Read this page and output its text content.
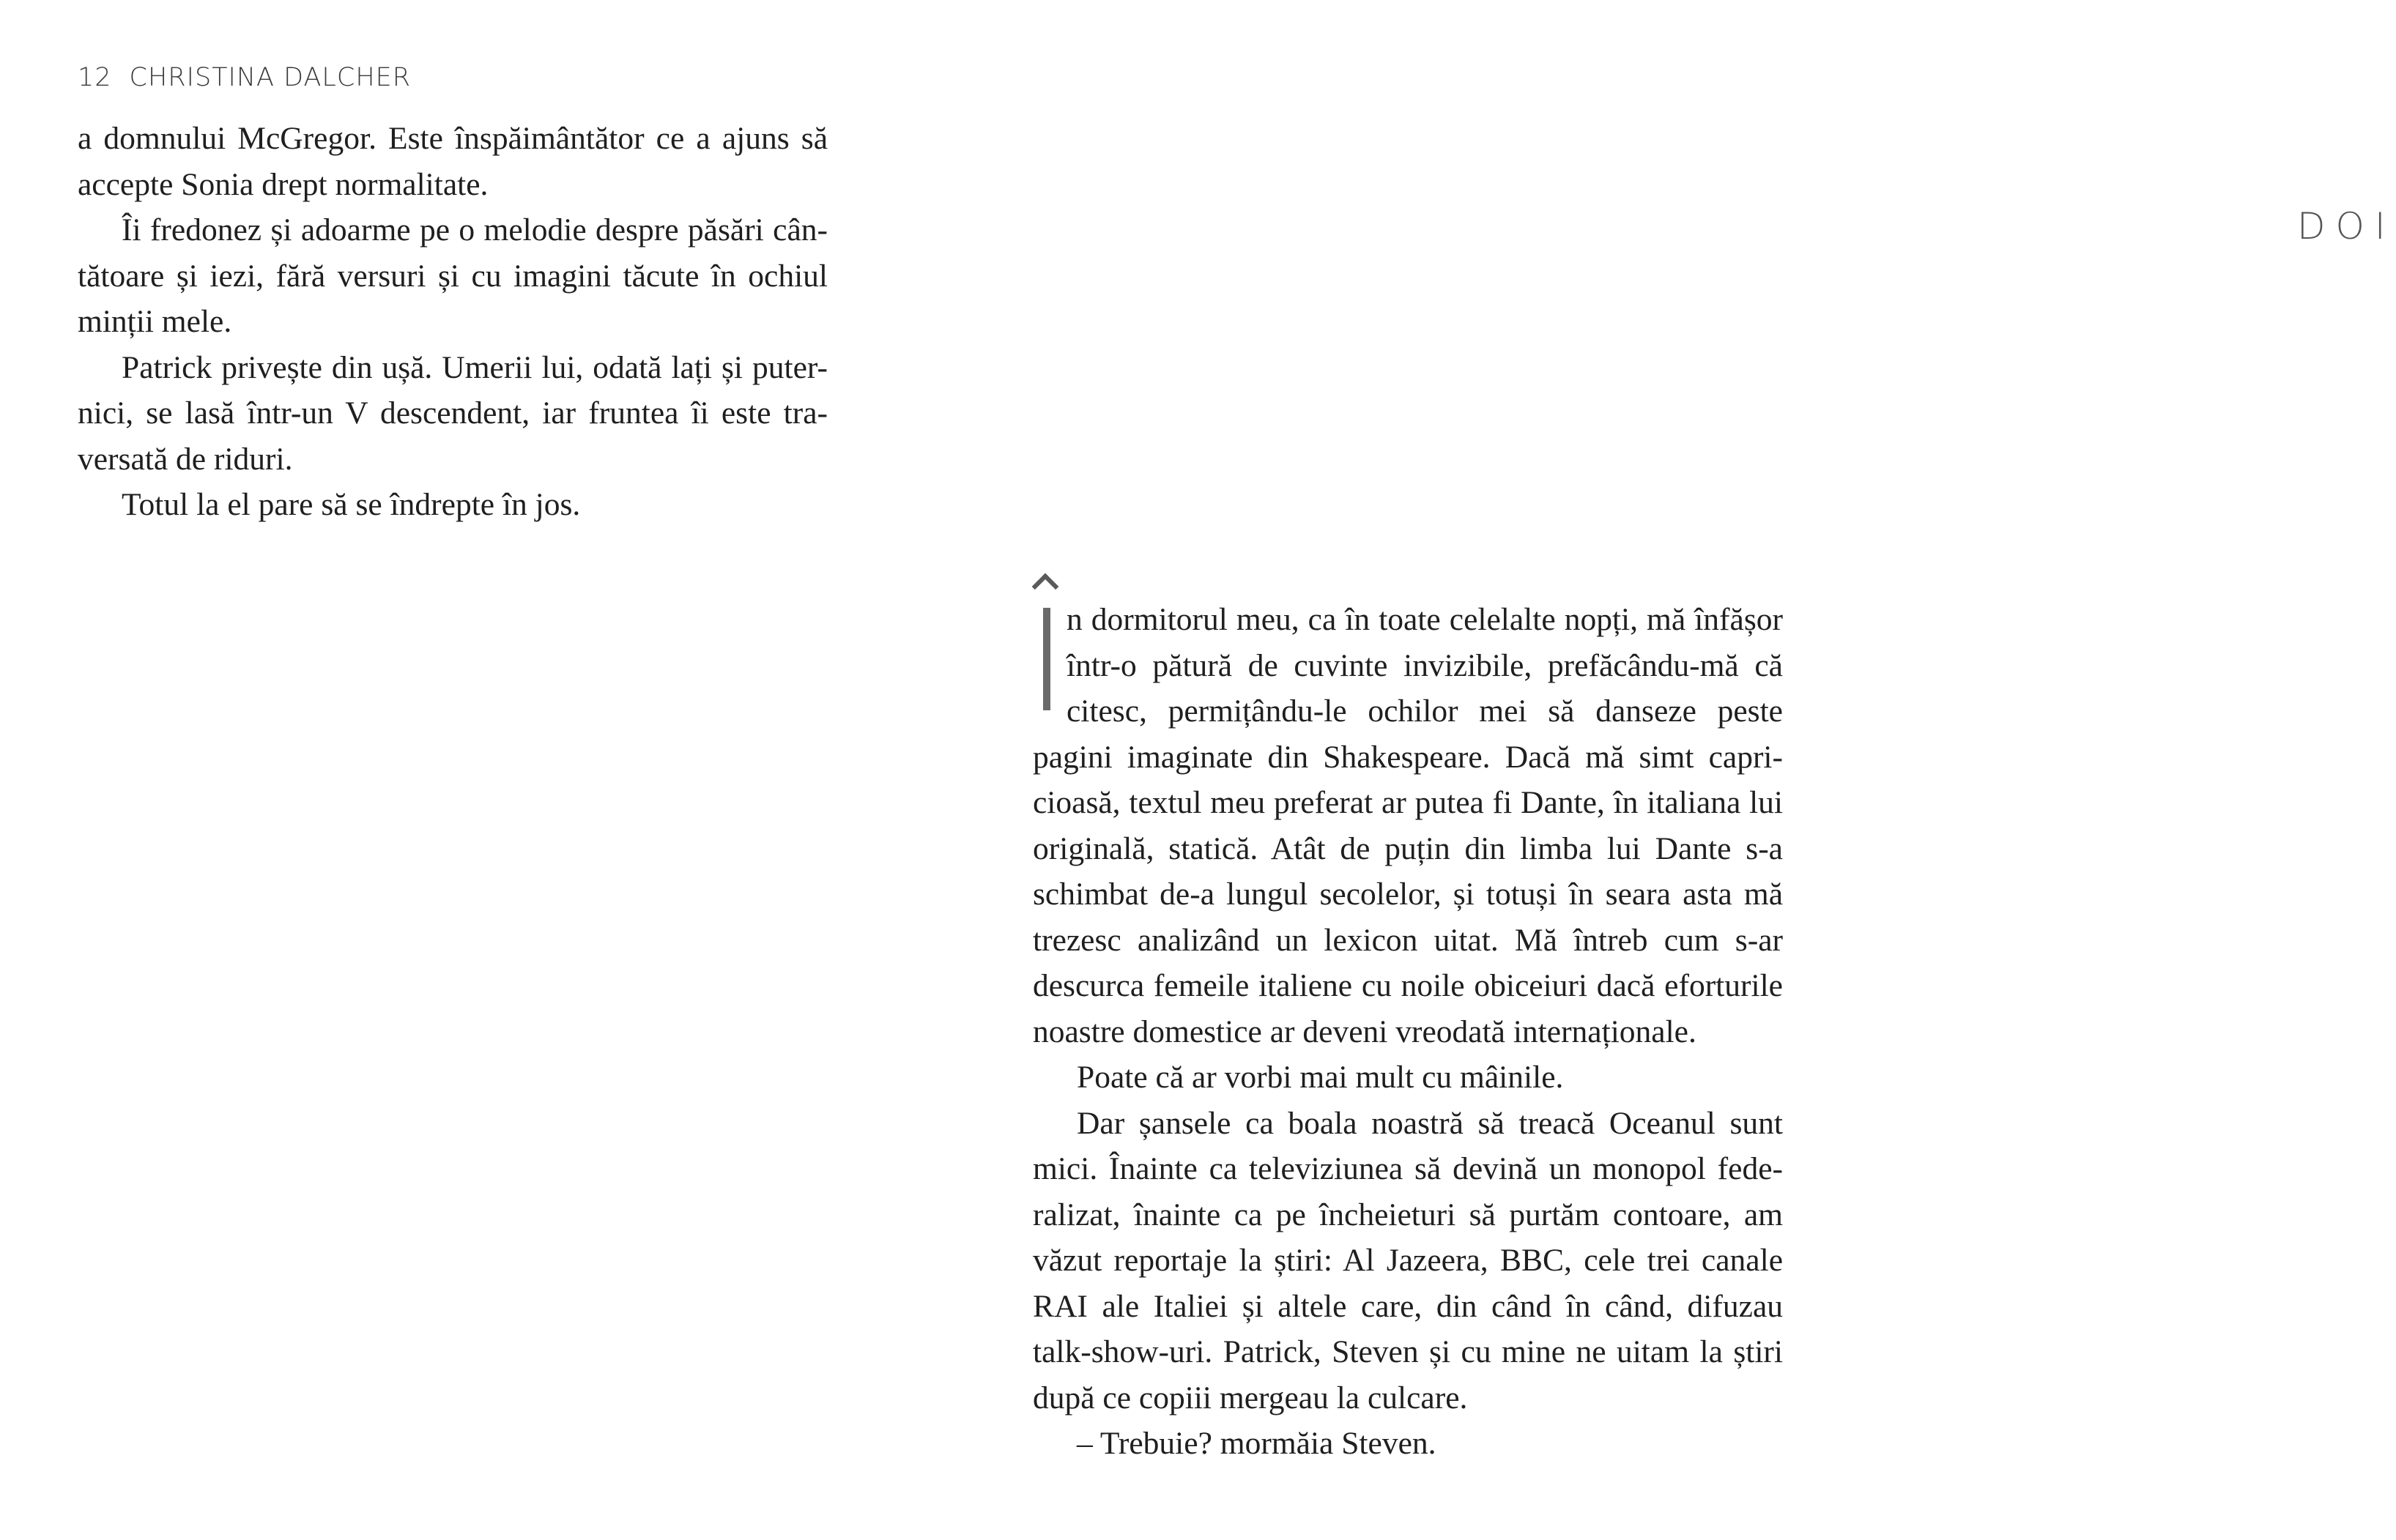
12 CHRISTINA DALCHER
a domnului McGregor. Este înspăimântător ce a ajuns să
accepte Sonia drept normalitate.
Îi fredonez și adoarme pe o melodie despre păsări cân-
tătoare și iezi, fără versuri și cu imagini tăcute în ochiul
minții mele.
Patrick privește din ușă. Umerii lui, odată lați și puter-
nici, se lasă într-un V descendent, iar fruntea îi este tra-
versată de riduri.
Totul la el pare să se îndrepte în jos.
DOI
n dormitorul meu, ca în toate celelalte nopți, mă înfășor
într-o pătură de cuvinte invizibile, prefăcându-mă că
citesc, permițându-le ochilor mei să danseze peste
pagini imaginate din Shakespeare. Dacă mă simt capri-
cioasă, textul meu preferat ar putea fi Dante, în italiana lui
originală, statică. Atât de puțin din limba lui Dante s-a
schimbat de-a lungul secolelor, și totuși în seara asta mă
trezesc analizând un lexicon uitat. Mă întreb cum s-ar
descurca femeile italiene cu noile obiceiuri dacă eforturile
noastre domestice ar deveni vreodată internaționale.
Poate că ar vorbi mai mult cu mâinile.
Dar șansele ca boala noastră să treacă Oceanul sunt
mici. Înainte ca televiziunea să devină un monopol fede-
ralizat, înainte ca pe încheieturi să purtăm contoare, am
văzut reportaje la știri: Al Jazeera, BBC, cele trei canale
RAI ale Italiei și altele care, din când în când, difuzau
talk-show-uri. Patrick, Steven și cu mine ne uitam la știri
după ce copiii mergeau la culcare.
– Trebuie? mormăia Steven.
